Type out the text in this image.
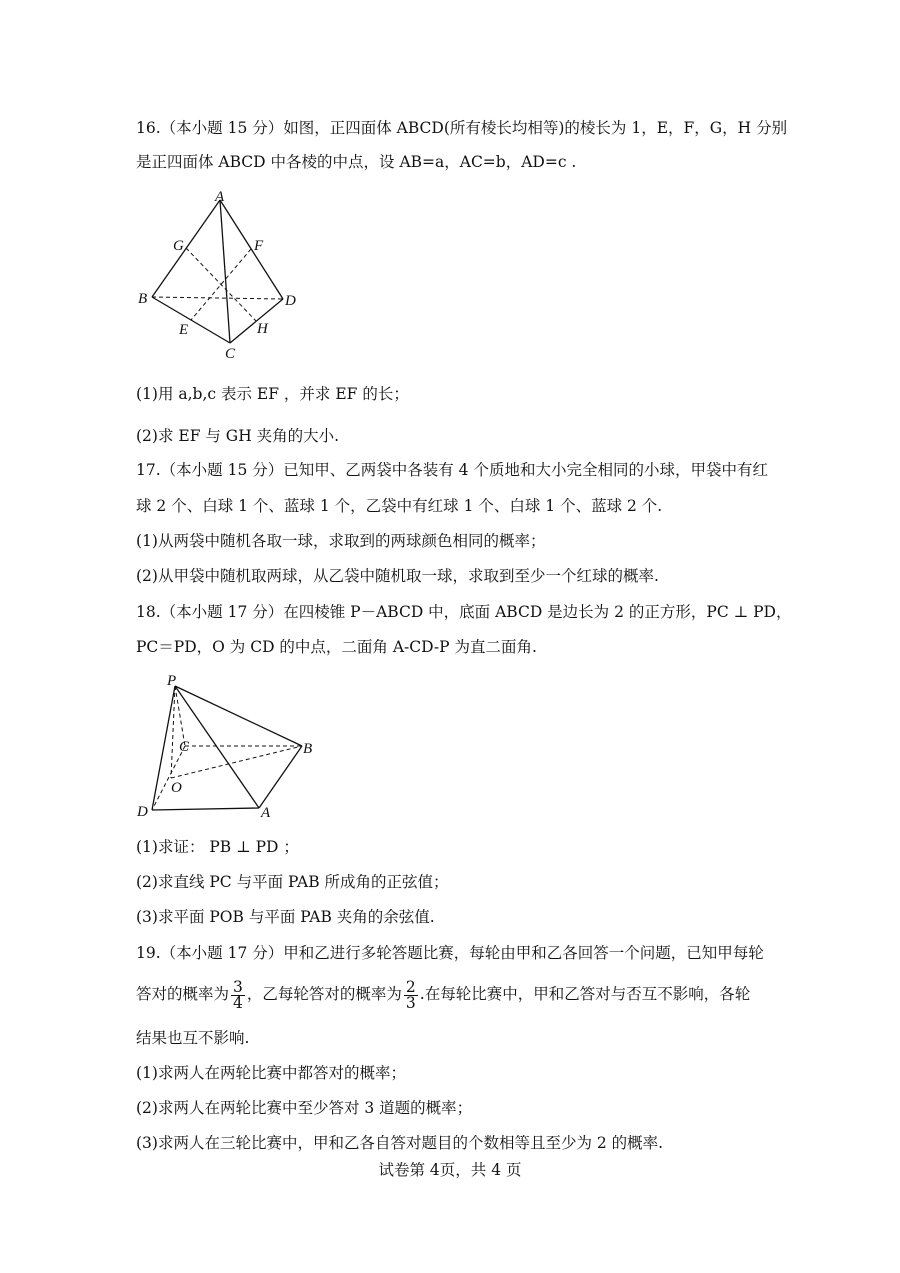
16.（本小题 15 分）如图，正四面体 ABCD(所有棱长均相等)的棱长为 1，E，F，G，H 分别
是正四面体 ABCD 中各棱的中点，设 AB=a，AC=b，AD=c .
A
G	F
B	D
E	H
C
(1)用 a,b,c 表示 EF ，并求 EF 的长；
(2)求 EF 与 GH 夹角的大小.
17.（本小题 15 分）已知甲、乙两袋中各装有 4 个质地和大小完全相同的小球，甲袋中有红
球 2 个、白球 1 个、蓝球 1 个，乙袋中有红球 1 个、白球 1 个、蓝球 2 个.
(1)从两袋中随机各取一球，求取到的两球颜色相同的概率；
(2)从甲袋中随机取两球，从乙袋中随机取一球，求取到至少一个红球的概率.
18.（本小题 17 分）在四棱锥 P－ABCD 中，底面 ABCD 是边长为 2 的正方形，PC ⊥ PD，
PC＝PD，O 为 CD 的中点，二面角 A-CD-P 为直二面角.
P
C	B
O
D	A
(1)求证： PB ⊥ PD ；
(2)求直线 PC 与平面 PAB 所成角的正弦值；
(3)求平面 POB 与平面 PAB 夹角的余弦值.
19.（本小题 17 分）甲和乙进行多轮答题比赛，每轮由甲和乙各回答一个问题，已知甲每轮
答对的概率为 $\frac{3}{4}$ ，乙每轮答对的概率为 $\frac{2}{3}$ .在每轮比赛中，甲和乙答对与否互不影响，各轮
结果也互不影响.
(1)求两人在两轮比赛中都答对的概率；
(2)求两人在两轮比赛中至少答对 3 道题的概率；
(3)求两人在三轮比赛中，甲和乙各自答对题目的个数相等且至少为 2 的概率.
试卷第 4页，共 4 页
